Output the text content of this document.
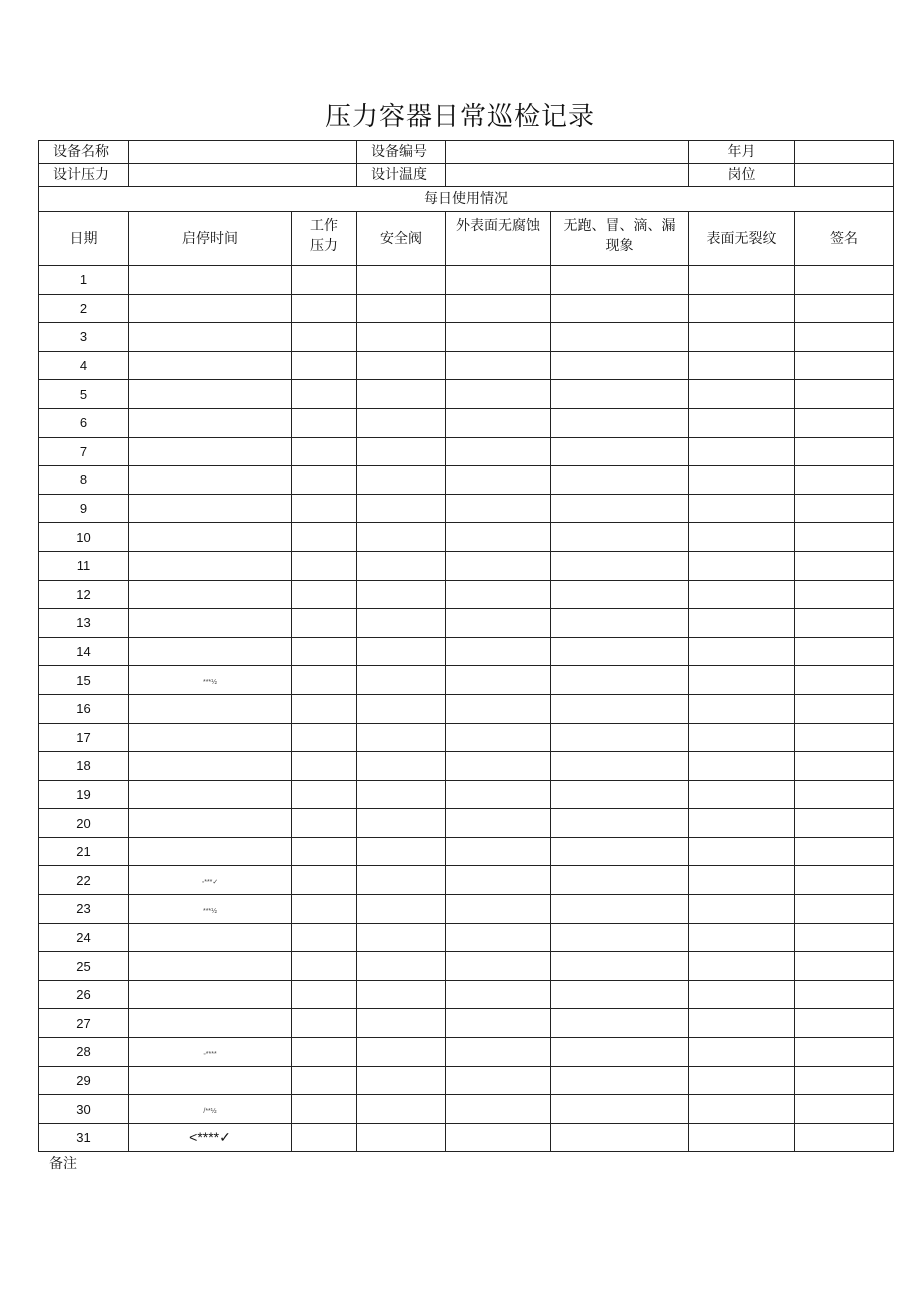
压力容器日常巡检记录
设备名称			设备编号			年月	
设计压力			设计温度			岗位	
每日使用情况							
日期	启停时间	工作压力	安全阀	外表面无腐蚀	无跑、冒、滴、漏现象	表面无裂纹	签名
1							
2							
3							
4							
5							
6							
7							
8							
9							
10							
11							
12							
13							
14							
15	***½						
16							
17							
18							
19							
20							
21							
22	◦***✓						
23	***½						
24							
25							
26							
27							
28	◦****						
29							
30	/**½						
31	<****✓						
备注
